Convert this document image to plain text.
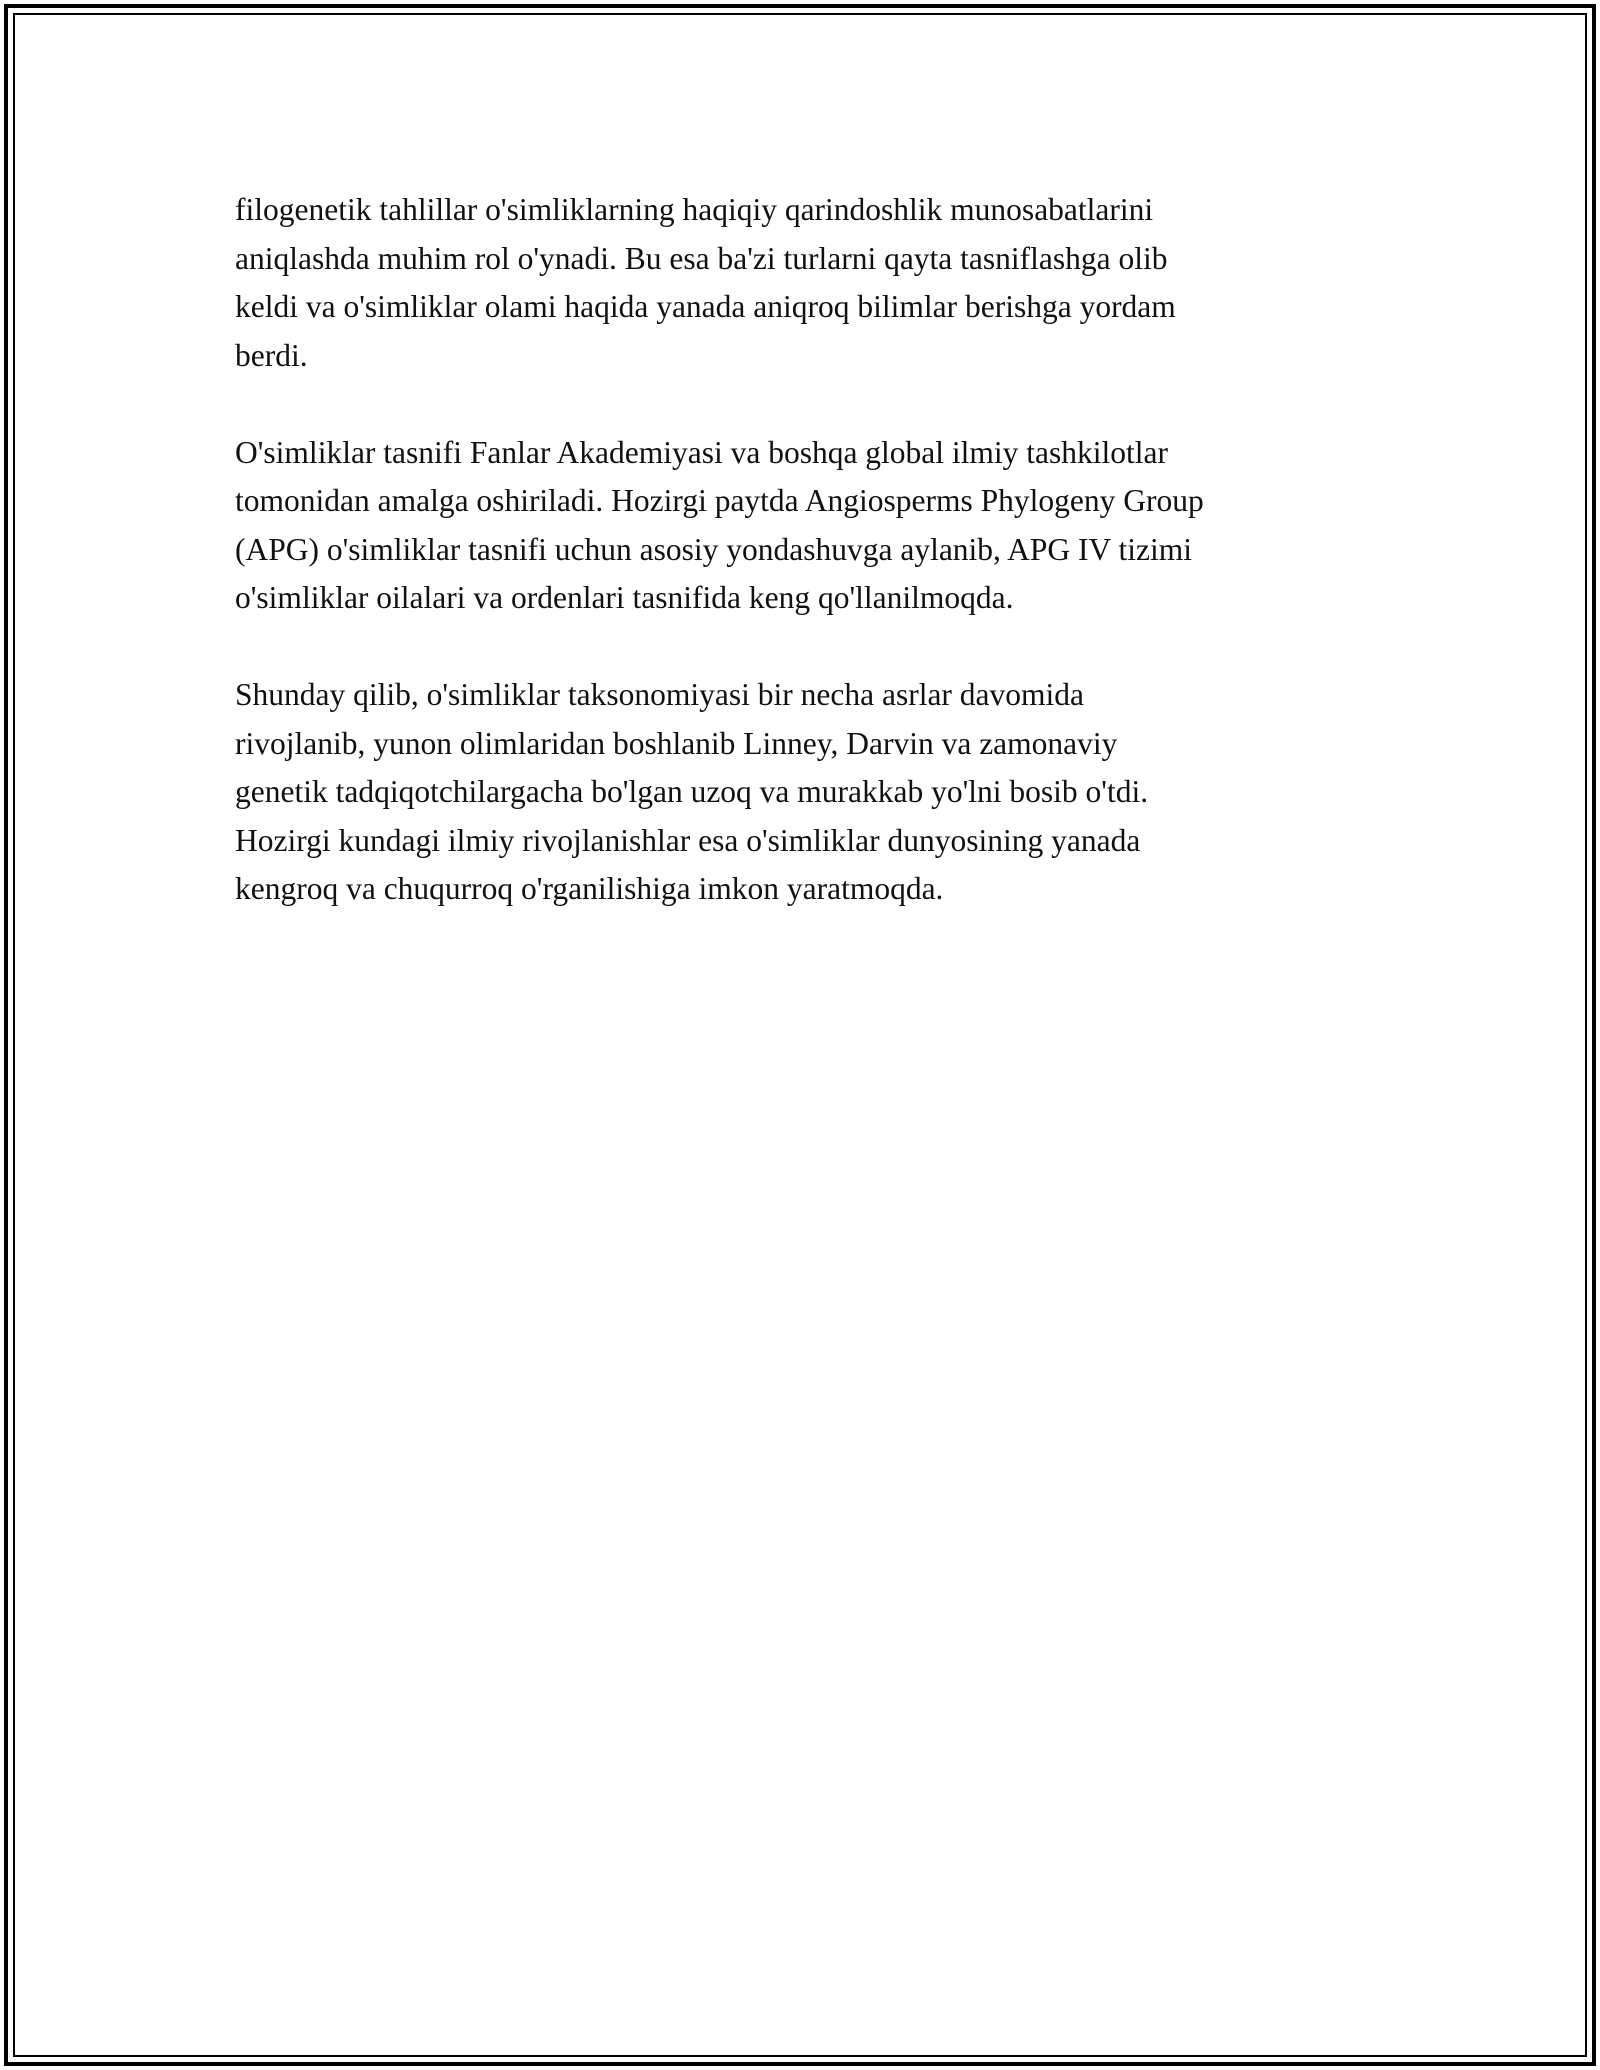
filogenetik tahlillar o'simliklarning haqiqiy qarindoshlik munosabatlarini
aniqlashda muhim rol o'ynadi. Bu esa ba'zi turlarni qayta tasniflashga olib
keldi va o'simliklar olami haqida yanada aniqroq bilimlar berishga yordam
berdi.

O'simliklar tasnifi Fanlar Akademiyasi va boshqa global ilmiy tashkilotlar
tomonidan amalga oshiriladi. Hozirgi paytda Angiosperms Phylogeny Group
(APG) o'simliklar tasnifi uchun asosiy yondashuvga aylanib, APG IV tizimi
o'simliklar oilalari va ordenlari tasnifida keng qo'llanilmoqda.

Shunday qilib, o'simliklar taksonomiyasi bir necha asrlar davomida
rivojlanib, yunon olimlaridan boshlanib Linney, Darvin va zamonaviy
genetik tadqiqotchilargacha bo'lgan uzoq va murakkab yo'lni bosib o'tdi.
Hozirgi kundagi ilmiy rivojlanishlar esa o'simliklar dunyosining yanada
kengroq va chuqurroq o'rganilishiga imkon yaratmoqda.
